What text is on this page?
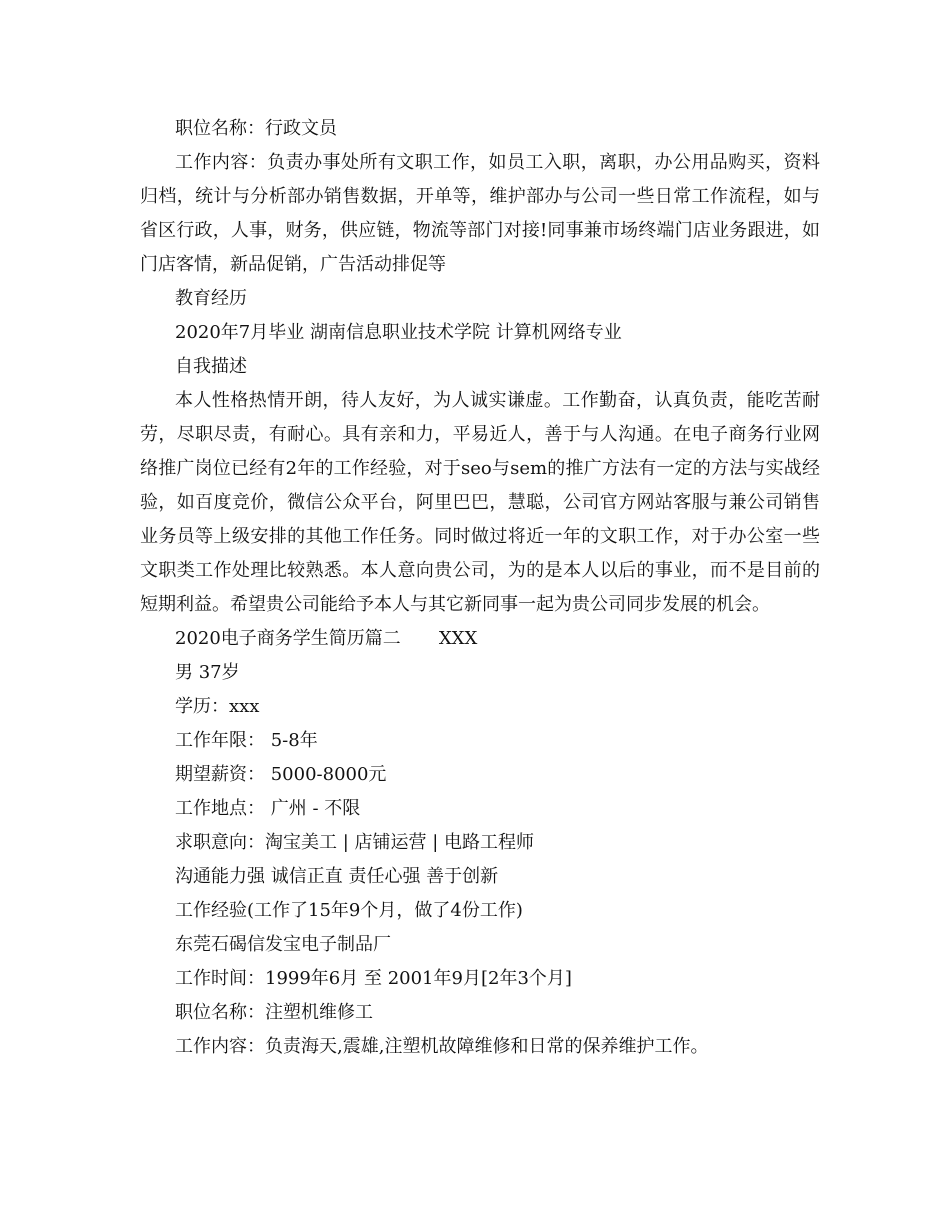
职位名称：行政文员

工作内容：负责办事处所有文职工作，如员工入职，离职，办公用品购买，资料归档，统计与分析部办销售数据，开单等，维护部办与公司一些日常工作流程，如与省区行政，人事，财务，供应链，物流等部门对接!同事兼市场终端门店业务跟进，如门店客情，新品促销，广告活动排促等

教育经历

2020年7月毕业 湖南信息职业技术学院 计算机网络专业

自我描述

本人性格热情开朗，待人友好，为人诚实谦虚。工作勤奋，认真负责，能吃苦耐劳，尽职尽责，有耐心。具有亲和力，平易近人，善于与人沟通。在电子商务行业网络推广岗位已经有2年的工作经验，对于seo与sem的推广方法有一定的方法与实战经验，如百度竞价，微信公众平台，阿里巴巴，慧聪，公司官方网站客服与兼公司销售业务员等上级安排的其他工作任务。同时做过将近一年的文职工作，对于办公室一些文职类工作处理比较熟悉。本人意向贵公司，为的是本人以后的事业，而不是目前的短期利益。希望贵公司能给予本人与其它新同事一起为贵公司同步发展的机会。

2020电子商务学生简历篇二 XXX

男 37岁

学历：xxx

工作年限： 5-8年

期望薪资： 5000-8000元

工作地点： 广州 - 不限

求职意向：淘宝美工 | 店铺运营 | 电路工程师

沟通能力强 诚信正直 责任心强 善于创新

工作经验(工作了15年9个月，做了4份工作)

东莞石碣信发宝电子制品厂

工作时间：1999年6月 至 2001年9月[2年3个月]

职位名称：注塑机维修工

工作内容：负责海天,震雄,注塑机故障维修和日常的保养维护工作。
